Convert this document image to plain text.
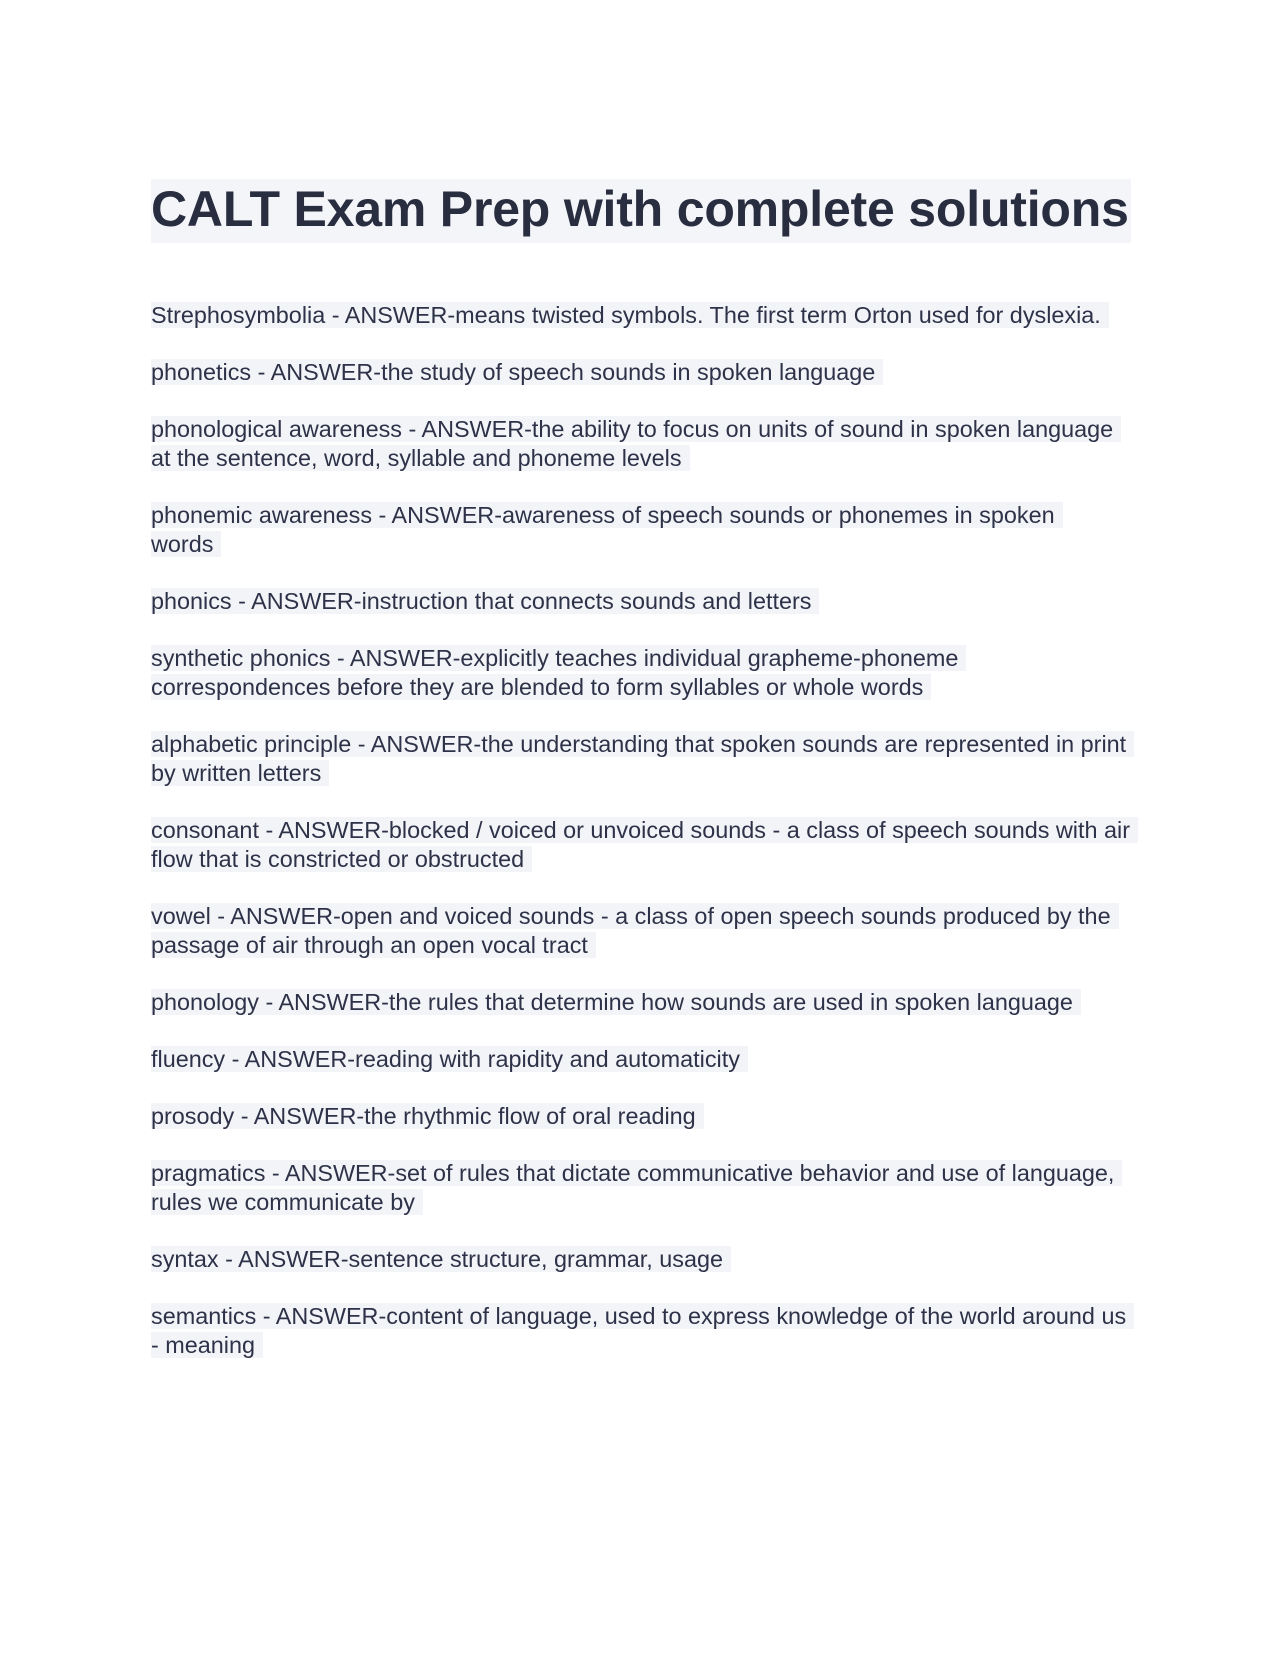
CALT Exam Prep with complete solutions

Strephosymbolia - ANSWER-means twisted symbols. The first term Orton used for dyslexia.

phonetics - ANSWER-the study of speech sounds in spoken language

phonological awareness - ANSWER-the ability to focus on units of sound in spoken language at the sentence, word, syllable and phoneme levels

phonemic awareness - ANSWER-awareness of speech sounds or phonemes in spoken words

phonics - ANSWER-instruction that connects sounds and letters

synthetic phonics - ANSWER-explicitly teaches individual grapheme-phoneme correspondences before they are blended to form syllables or whole words

alphabetic principle - ANSWER-the understanding that spoken sounds are represented in print by written letters

consonant - ANSWER-blocked / voiced or unvoiced sounds - a class of speech sounds with air flow that is constricted or obstructed

vowel - ANSWER-open and voiced sounds - a class of open speech sounds produced by the passage of air through an open vocal tract

phonology - ANSWER-the rules that determine how sounds are used in spoken language

fluency - ANSWER-reading with rapidity and automaticity

prosody - ANSWER-the rhythmic flow of oral reading

pragmatics - ANSWER-set of rules that dictate communicative behavior and use of language, rules we communicate by

syntax - ANSWER-sentence structure, grammar, usage

semantics - ANSWER-content of language, used to express knowledge of the world around us - meaning
